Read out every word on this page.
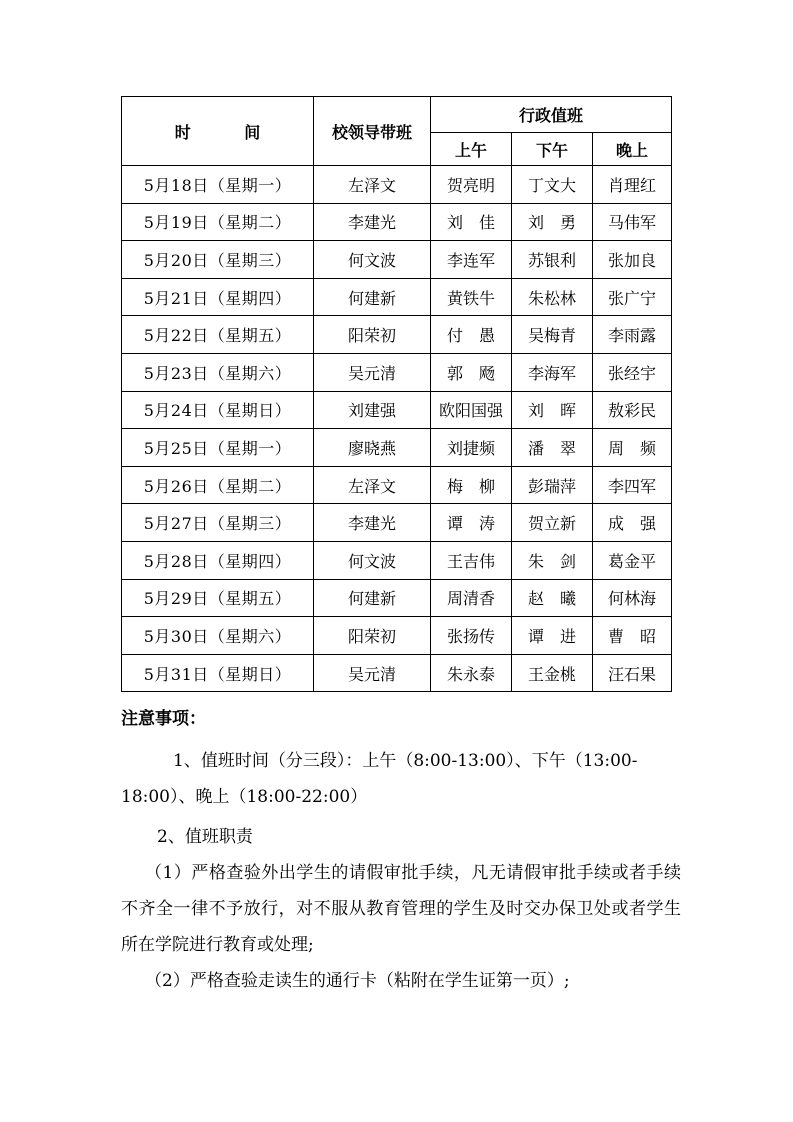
时 间	校领导带班	行政值班		
		上午	下午	晚上
5月18日（星期一）	左泽文	贺亮明	丁文大	肖理红
5月19日（星期二）	李建光	刘　佳	刘　勇	马伟军
5月20日（星期三）	何文波	李连军	苏银利	张加良
5月21日（星期四）	何建新	黄铁牛	朱松林	张广宁
5月22日（星期五）	阳荣初	付　愚	吴梅青	李雨露
5月23日（星期六）	吴元清	郭　飏	李海军	张经宇
5月24日（星期日）	刘建强	欧阳国强	刘　晖	敖彩民
5月25日（星期一）	廖晓燕	刘捷频	潘　翠	周　频
5月26日（星期二）	左泽文	梅　柳	彭瑞萍	李四军
5月27日（星期三）	李建光	谭　涛	贺立新	成　强
5月28日（星期四）	何文波	王吉伟	朱　剑	葛金平
5月29日（星期五）	何建新	周清香	赵　曦	何林海
5月30日（星期六）	阳荣初	张扬传	谭　进	曹　昭
5月31日（星期日）	吴元清	朱永泰	王金桃	汪石果
注意事项：

1、值班时间（分三段）：上午（8:00-13:00）、下午（13:00-18:00）、晚上（18:00-22:00）

2、值班职责

（1）严格查验外出学生的请假审批手续，凡无请假审批手续或者手续不齐全一律不予放行，对不服从教育管理的学生及时交办保卫处或者学生所在学院进行教育或处理;

（2）严格查验走读生的通行卡（粘附在学生证第一页）;
